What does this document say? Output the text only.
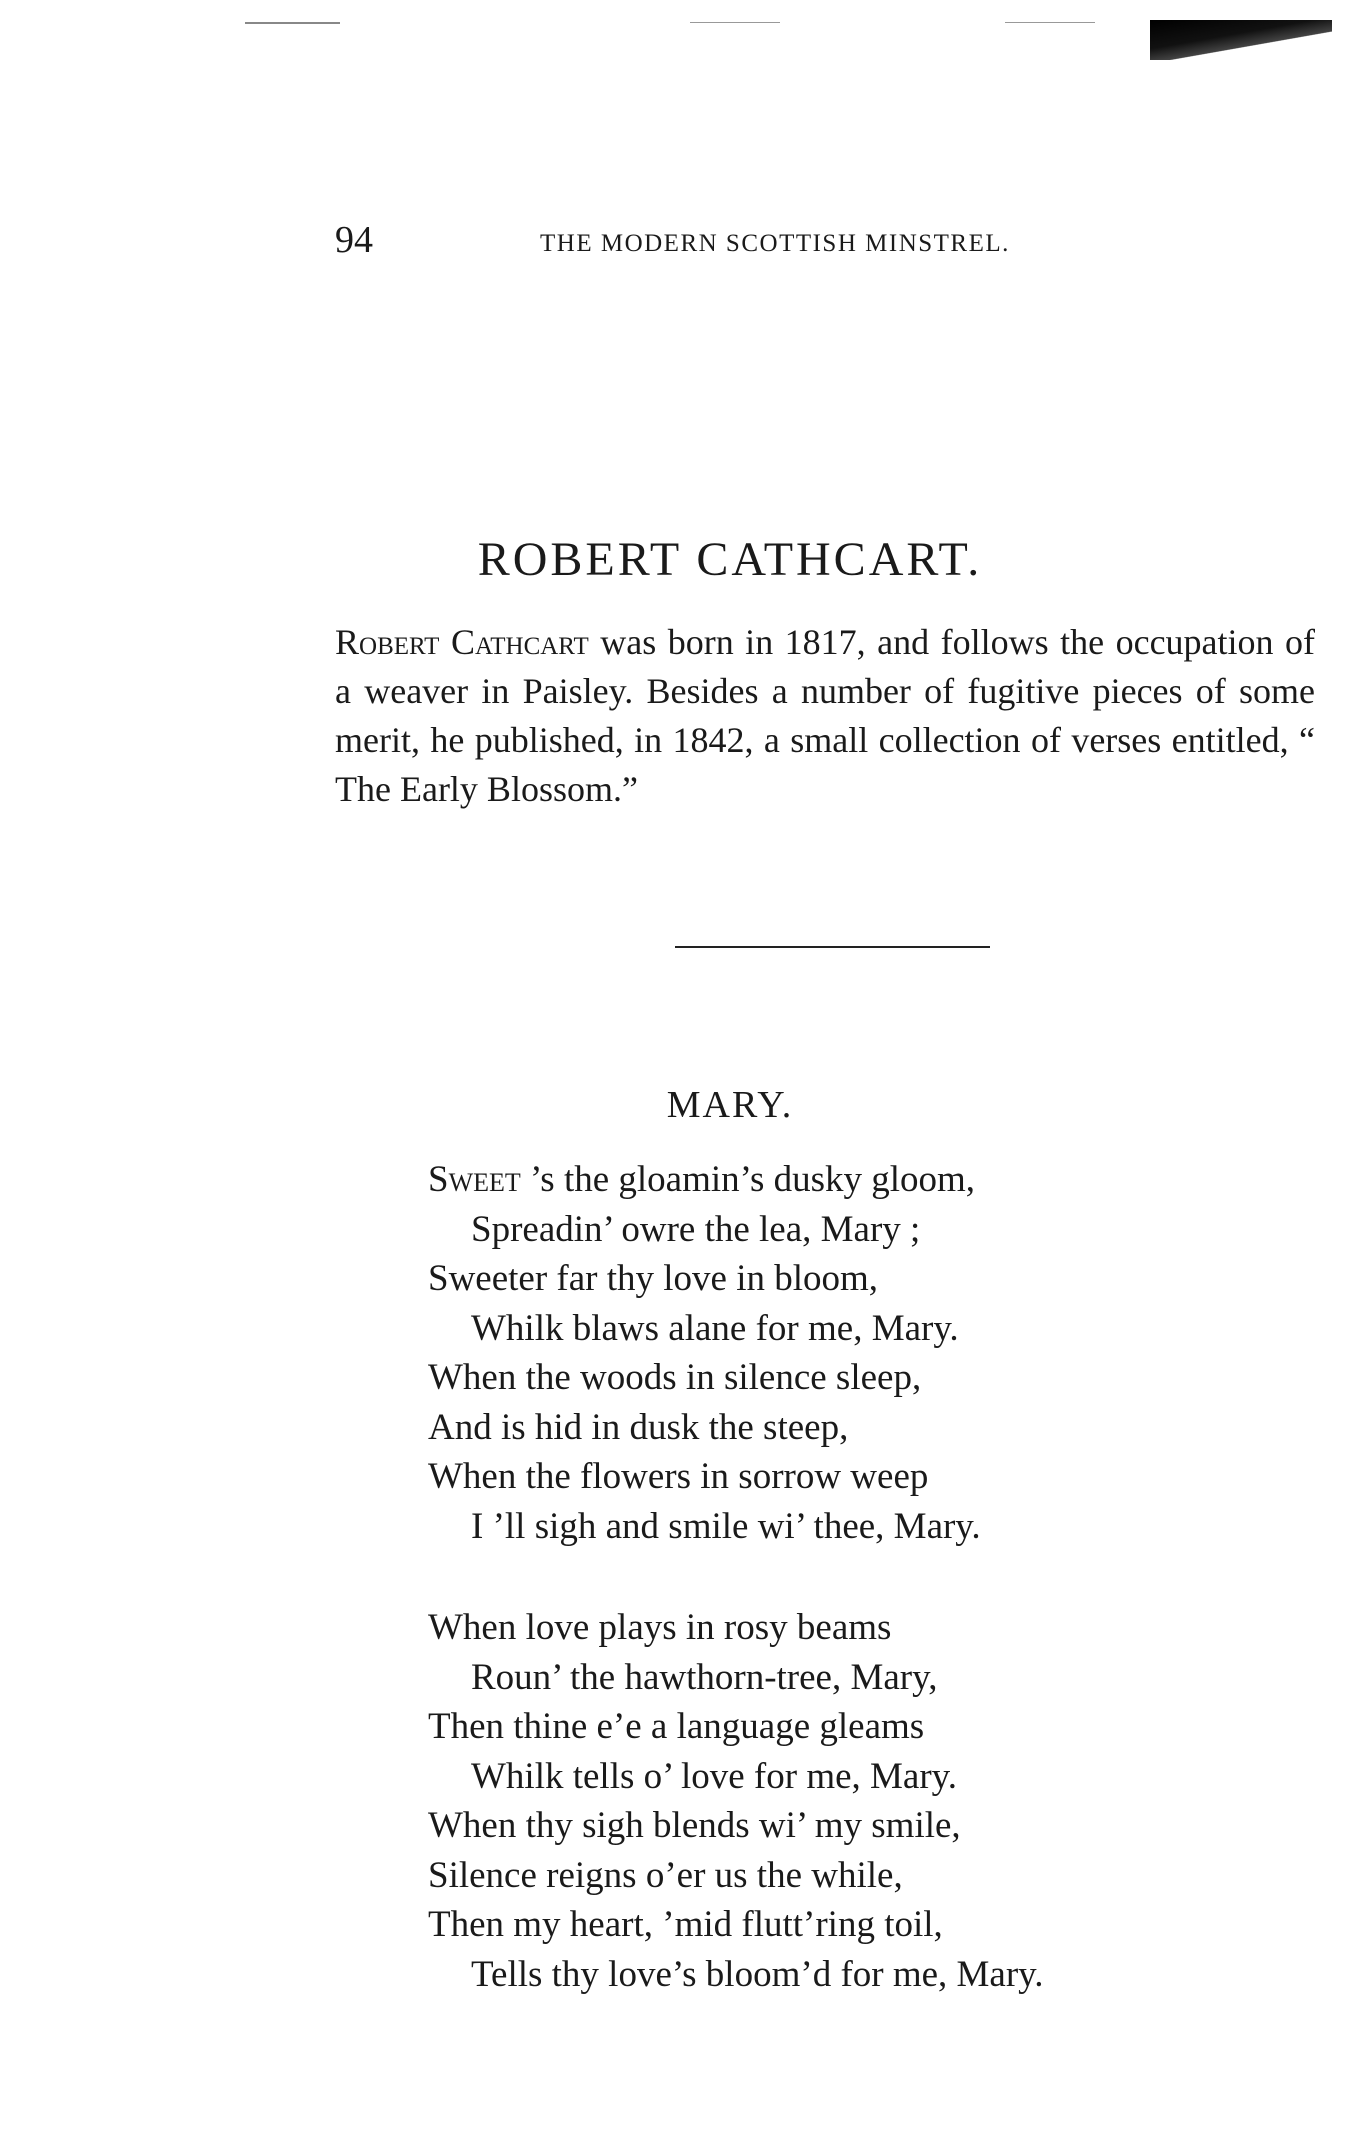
94	THE MODERN SCOTTISH MINSTREL.
ROBERT CATHCART.
Robert Cathcart was born in 1817, and follows the occupation of a weaver in Paisley. Besides a number of fugitive pieces of some merit, he published, in 1842, a small collection of verses entitled, “ The Early Blossom.”
MARY.
Sweet ’s the gloamin’s dusky gloom,
Spreadin’ owre the lea, Mary ;
Sweeter far thy love in bloom,
Whilk blaws alane for me, Mary.
When the woods in silence sleep,
And is hid in dusk the steep,
When the flowers in sorrow weep
I ’ll sigh and smile wi’ thee, Mary.
When love plays in rosy beams
Roun’ the hawthorn-tree, Mary,
Then thine e’e a language gleams
Whilk tells o’ love for me, Mary.
When thy sigh blends wi’ my smile,
Silence reigns o’er us the while,
Then my heart, ’mid flutt’ring toil,
Tells thy love’s bloom’d for me, Mary.
